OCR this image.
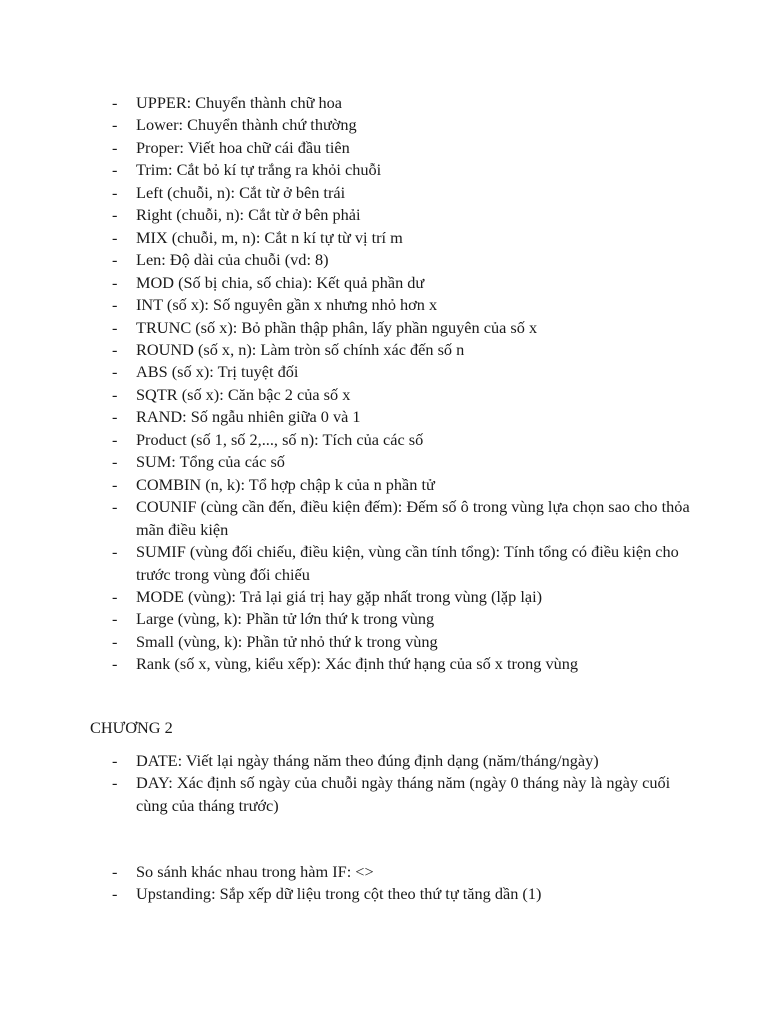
- UPPER: Chuyển thành chữ hoa
- Lower: Chuyển thành chứ thường
- Proper: Viết hoa chữ cái đầu tiên
- Trim: Cắt bỏ kí tự trắng ra khỏi chuỗi
- Left (chuỗi, n): Cắt từ ở bên trái
- Right (chuỗi, n): Cắt từ ở bên phải
- MIX (chuỗi, m, n): Cắt n kí tự từ vị trí m
- Len: Độ dài của chuỗi (vd: 8)
- MOD (Số bị chia, số chia): Kết quả phần dư
- INT (số x): Số nguyên gần x nhưng nhỏ hơn x
- TRUNC (số x): Bỏ phần thập phân, lấy phần nguyên của số x
- ROUND (số x, n): Làm tròn số chính xác đến số n
- ABS (số x): Trị tuyệt đối
- SQTR (số x): Căn bậc 2 của số x
- RAND: Số ngẫu nhiên giữa 0 và 1
- Product (số 1, số 2,..., số n): Tích của các số
- SUM: Tổng của các số
- COMBIN (n, k): Tổ hợp chập k của n phần tử
- COUNIF (cùng cần đến, điều kiện đếm): Đếm số ô trong vùng lựa chọn sao cho thỏa mãn điều kiện
- SUMIF (vùng đối chiếu, điều kiện, vùng cần tính tổng): Tính tổng có điều kiện cho trước trong vùng đối chiếu
- MODE (vùng): Trả lại giá trị hay gặp nhất trong vùng (lặp lại)
- Large (vùng, k): Phần tử lớn thứ k trong vùng
- Small (vùng, k): Phần tử nhỏ thứ k trong vùng
- Rank (số x, vùng, kiểu xếp): Xác định thứ hạng của số x trong vùng
CHƯƠNG 2
- DATE: Viết lại ngày tháng năm theo đúng định dạng (năm/tháng/ngày)
- DAY: Xác định số ngày của chuỗi ngày tháng năm (ngày 0 tháng này là ngày cuối cùng của tháng trước)
- So sánh khác nhau trong hàm IF: <>
- Upstanding: Sắp xếp dữ liệu trong cột theo thứ tự tăng dần (1)
